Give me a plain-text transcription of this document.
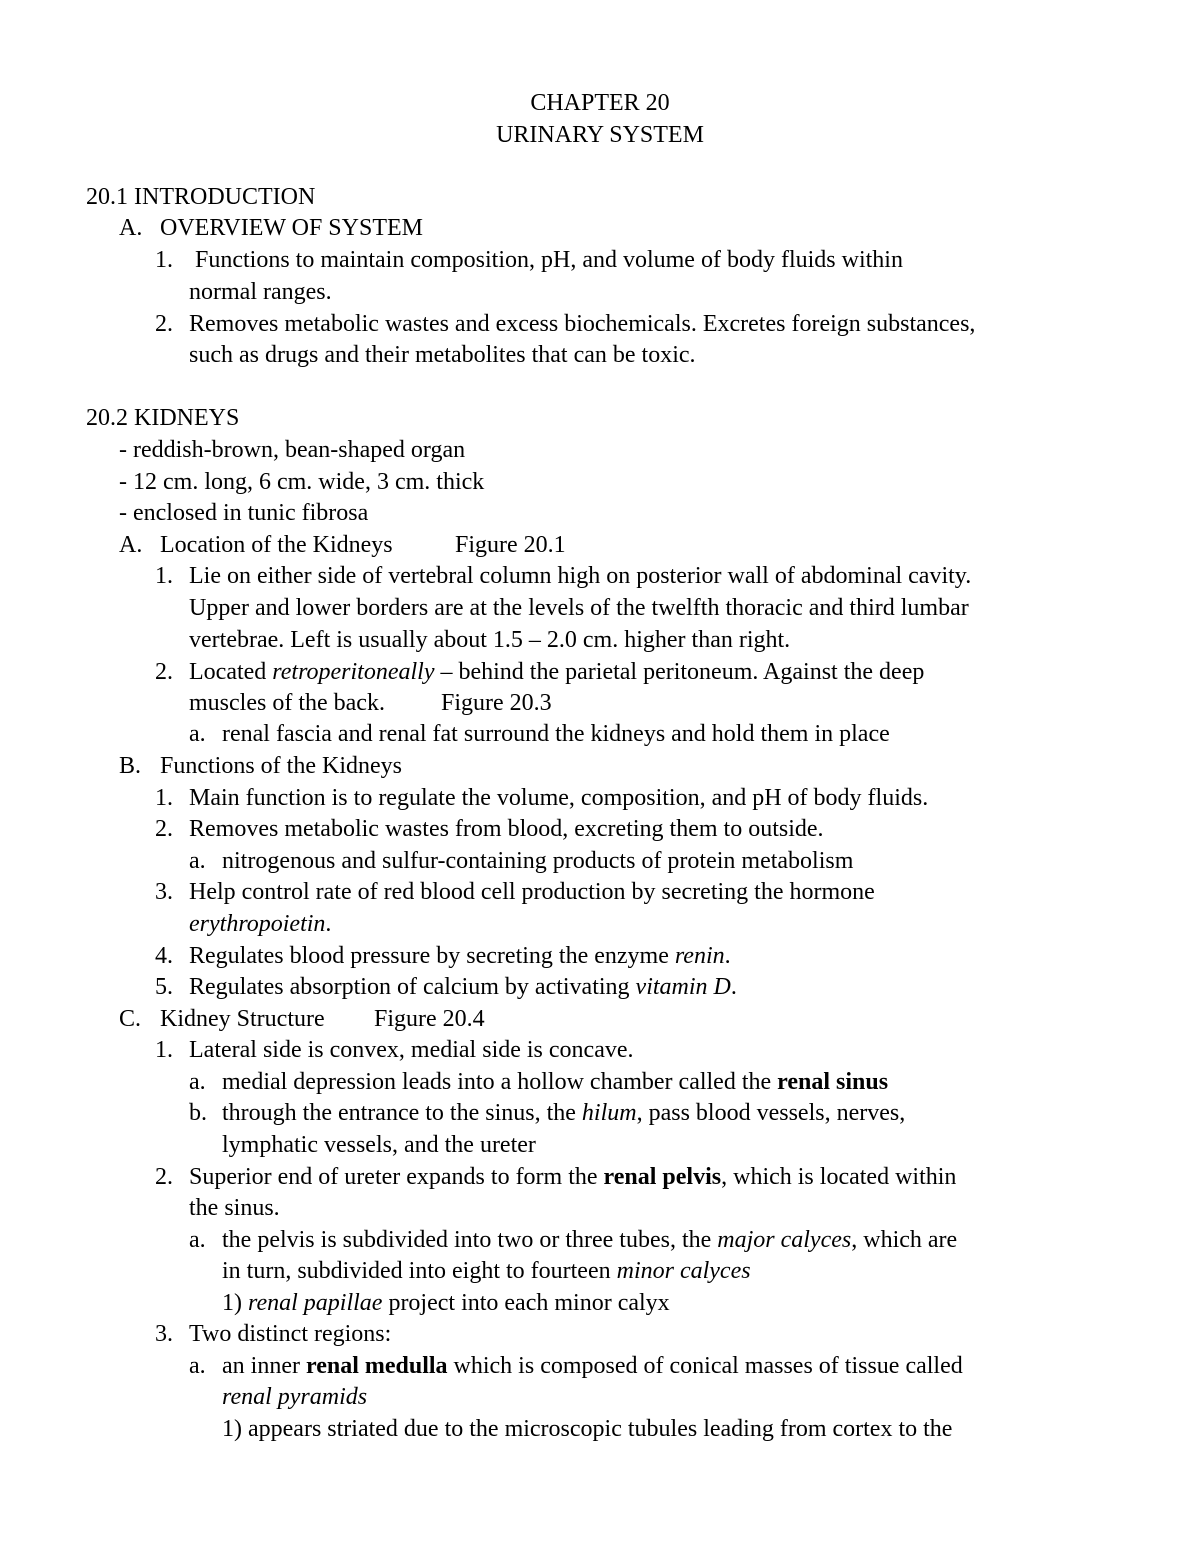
CHAPTER 20
URINARY SYSTEM
20.1 INTRODUCTION
A. OVERVIEW OF SYSTEM
1. Functions to maintain composition, pH, and volume of body fluids within
normal ranges.
2. Removes metabolic wastes and excess biochemicals. Excretes foreign substances,
such as drugs and their metabolites that can be toxic.
20.2 KIDNEYS
- reddish-brown, bean-shaped organ
- 12 cm. long, 6 cm. wide, 3 cm. thick
- enclosed in tunic fibrosa
A. Location of the Kidneys	Figure 20.1
1. Lie on either side of vertebral column high on posterior wall of abdominal cavity.
Upper and lower borders are at the levels of the twelfth thoracic and third lumbar
vertebrae. Left is usually about 1.5 – 2.0 cm. higher than right.
2. Located retroperitoneally – behind the parietal peritoneum. Against the deep
muscles of the back. Figure 20.3
a. renal fascia and renal fat surround the kidneys and hold them in place
B. Functions of the Kidneys
1. Main function is to regulate the volume, composition, and pH of body fluids.
2. Removes metabolic wastes from blood, excreting them to outside.
a. nitrogenous and sulfur-containing products of protein metabolism
3. Help control rate of red blood cell production by secreting the hormone
erythropoietin.
4. Regulates blood pressure by secreting the enzyme renin.
5. Regulates absorption of calcium by activating vitamin D.
C. Kidney Structure Figure 20.4
1. Lateral side is convex, medial side is concave.
a. medial depression leads into a hollow chamber called the renal sinus
b. through the entrance to the sinus, the hilum, pass blood vessels, nerves,
lymphatic vessels, and the ureter
2. Superior end of ureter expands to form the renal pelvis, which is located within
the sinus.
a. the pelvis is subdivided into two or three tubes, the major calyces, which are
in turn, subdivided into eight to fourteen minor calyces
1) renal papillae project into each minor calyx
3. Two distinct regions:
a. an inner renal medulla which is composed of conical masses of tissue called
renal pyramids
1) appears striated due to the microscopic tubules leading from cortex to the
